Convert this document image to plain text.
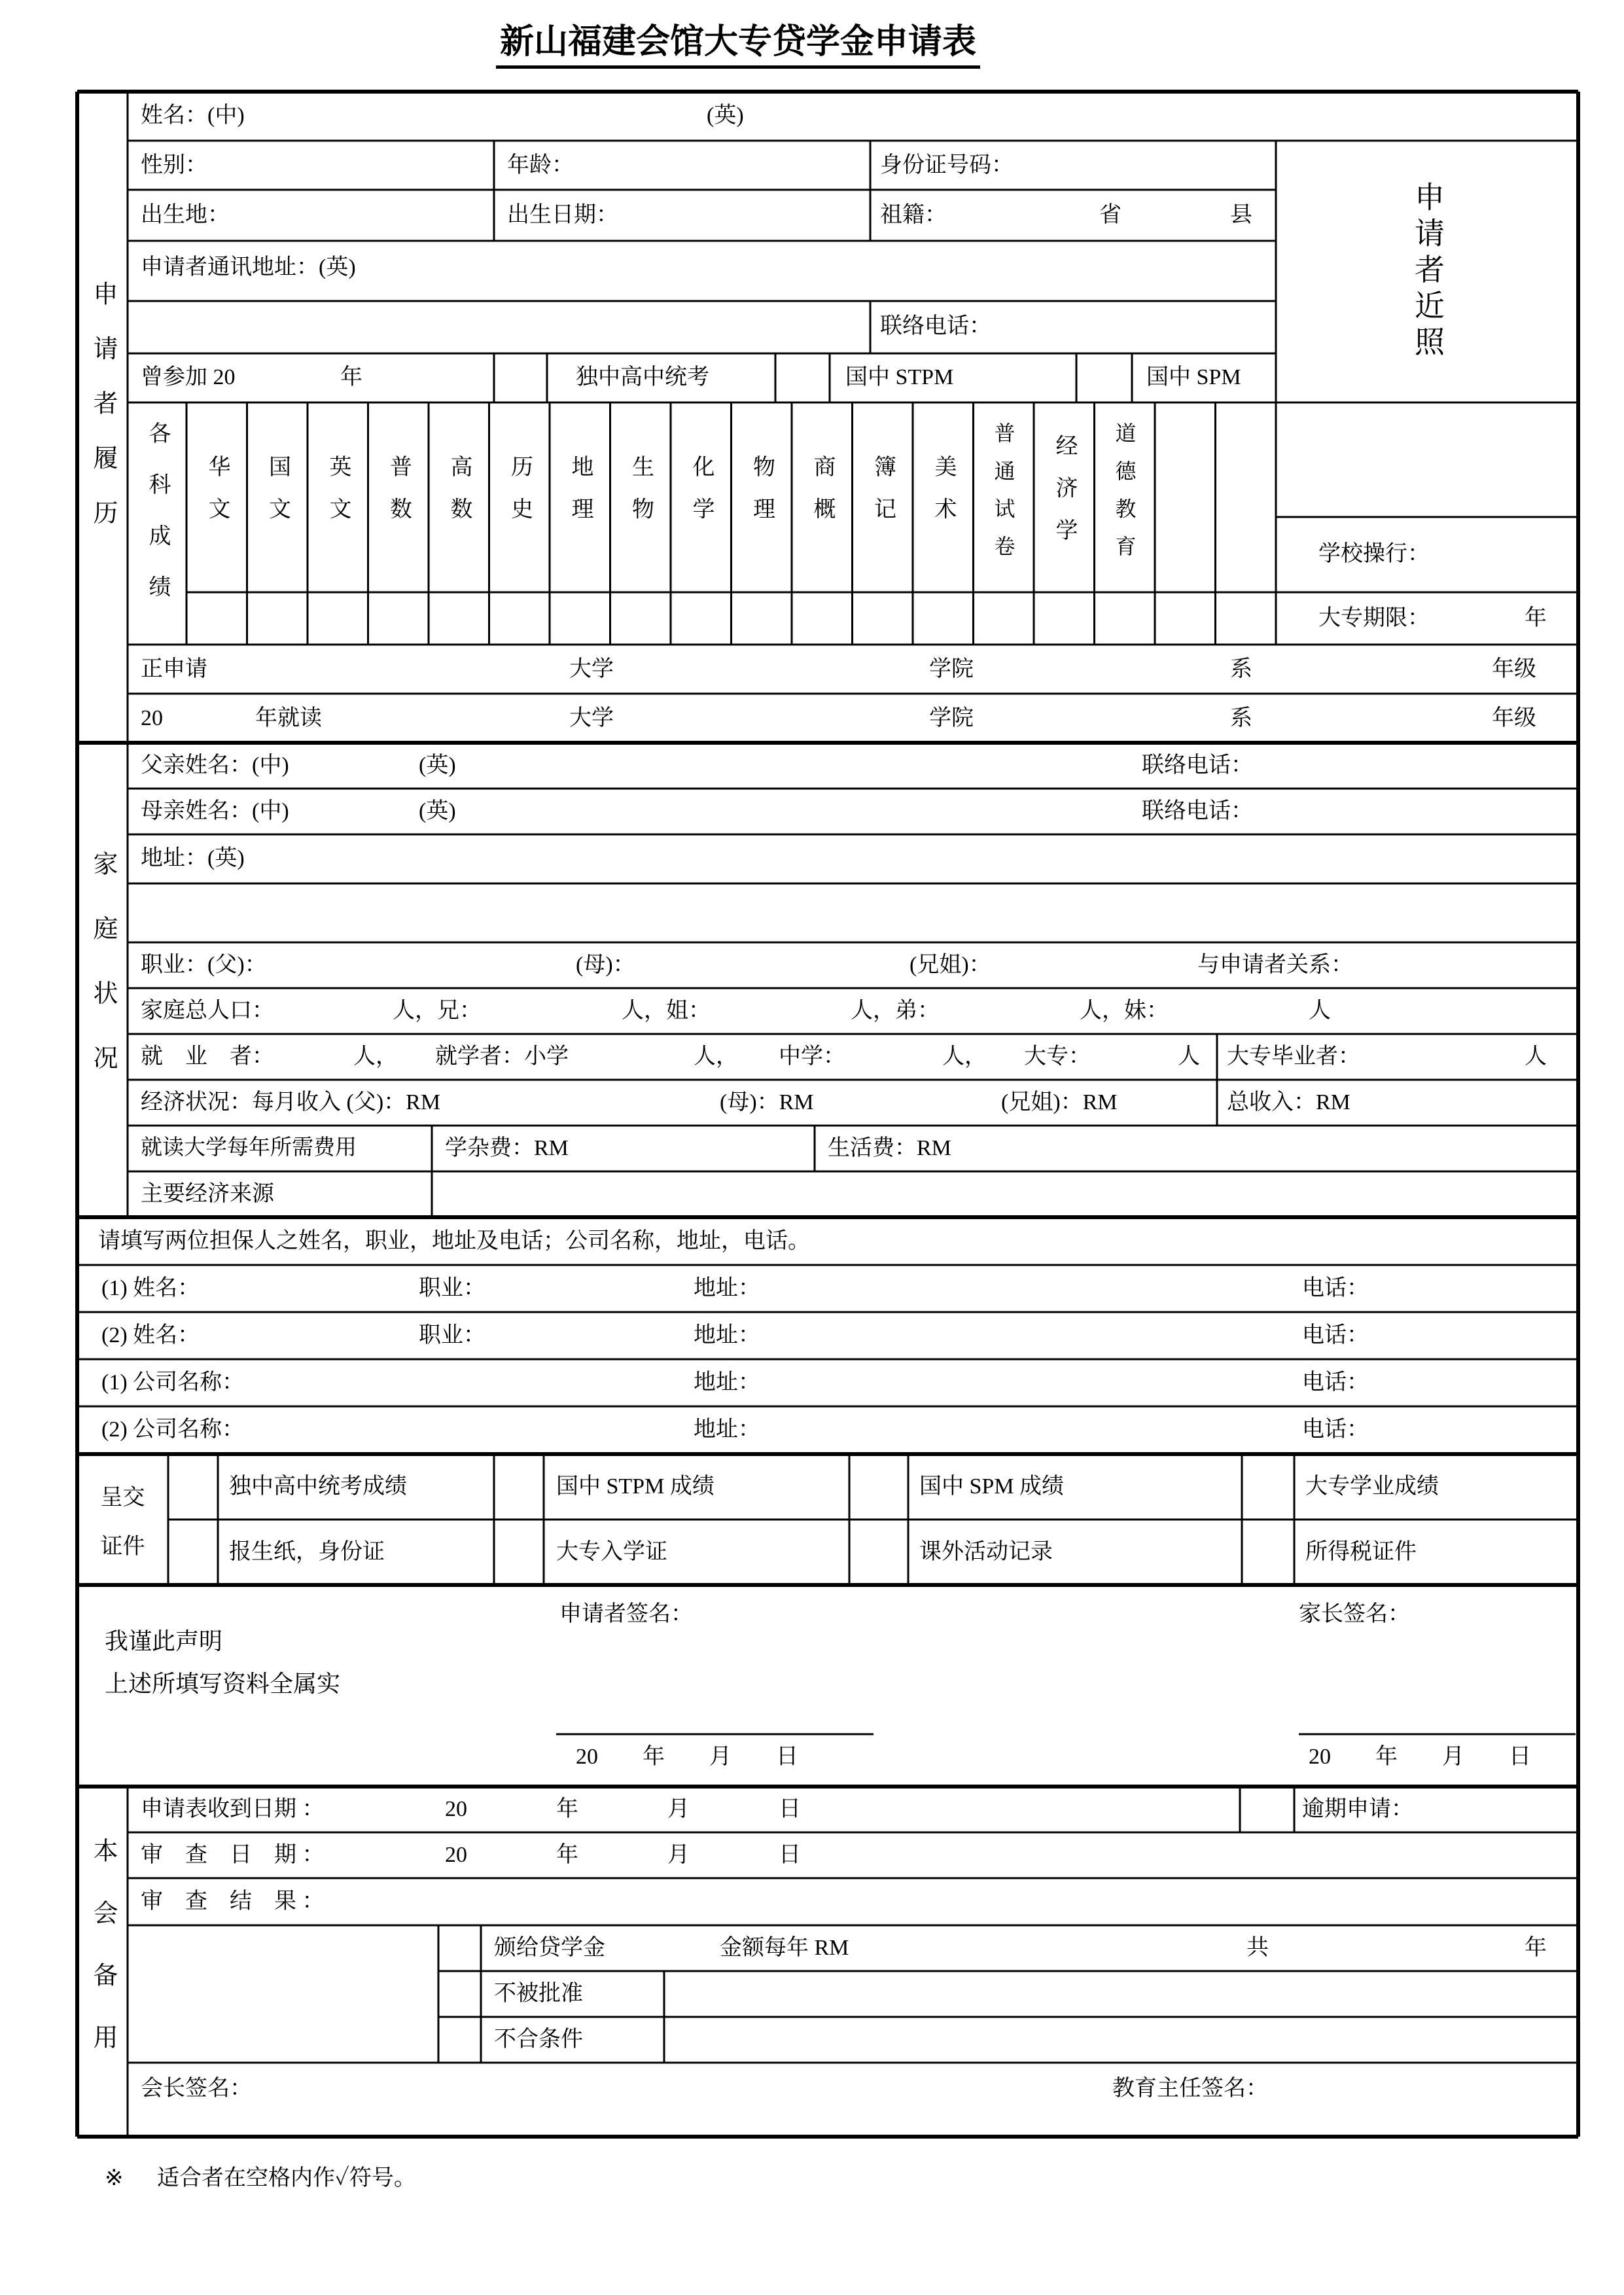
新山福建会馆大专贷学金申请表
申请者履历
家庭状况
本会备用
申请者近照
姓名：(中)	(英)
性别：	年龄：	身份证号码：
出生地：	出生日期：	祖籍：	省	县
申请者通讯地址：(英)
联络电话：
曾参加 20	年	独中高中统考	国中 STPM	国中 SPM
各科成绩	华文	国文	英文	普数	高数	历史	地理	生物	化学	物理	商概	簿记	美术	普通试卷	经济学	道德教育	学校操行：
大专期限：	年
正申请	大学	学院	系	年级
20	年就读	大学	学院	系	年级
父亲姓名：(中)	(英)	联络电话：
母亲姓名：(中)	(英)	联络电话：
地址：(英)
职业：(父)：	(母)：	(兄姐)：	与申请者关系：
家庭总人口：	人，兄：	人，姐：	人，弟：	人，妹：	人
就　业　者：	人， 就学者：小学	人， 中学：	人， 大专：	人 大专毕业者：	人
经济状况：每月收入 (父)：RM	(母)：RM	(兄姐)：RM	总收入：RM
就读大学每年所需费用	学杂费：RM	生活费：RM
主要经济来源
请填写两位担保人之姓名，职业，地址及电话；公司名称，地址，电话。
(1) 姓名：	职业：	地址：	电话：
(2) 姓名：	职业：	地址：	电话：
(1) 公司名称：	地址：	电话：
(2) 公司名称：	地址：	电话：
呈交
证件
独中高中统考成绩	国中 STPM 成绩	国中 SPM 成绩	大专学业成绩
报生纸，身份证	大专入学证	课外活动记录	所得税证件
申请者签名：	家长签名：
我谨此声明
上述所填写资料全属实
20　　年　　月　　日	20　　年　　月　　日
申请表收到日期 ：	20　　　　年　　　　月　　　　日	逾期申请：
审　查　日　期 ：	20　　　　年　　　　月　　　　日
审　查　结　果 ：
颁给贷学金	金额每年 RM	共	年
不被批准
不合条件
会长签名：	教育主任签名：
※ 适合者在空格内作✓符号。
